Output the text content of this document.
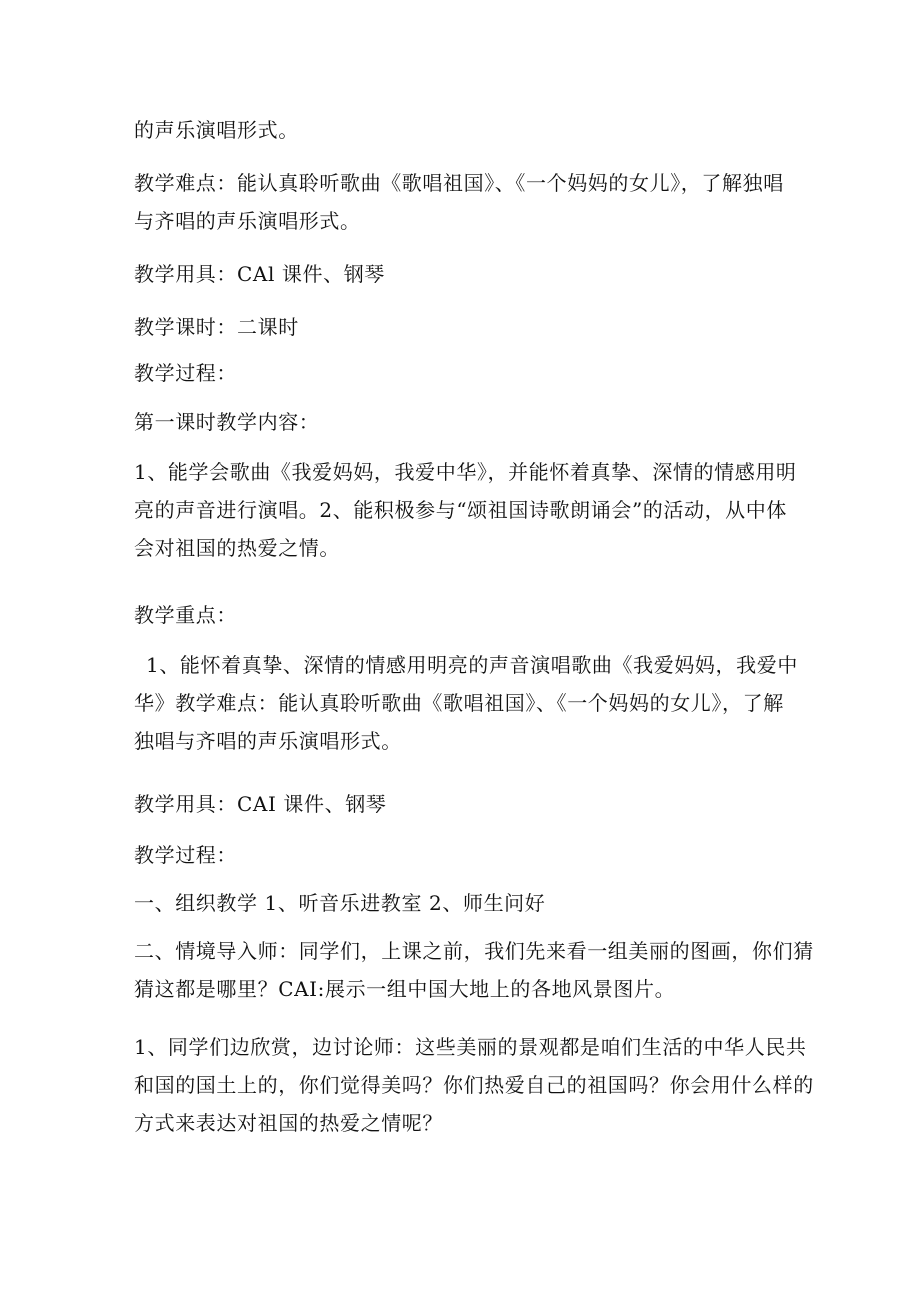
的声乐演唱形式。

教学难点：能认真聆听歌曲《歌唱祖国》、《一个妈妈的女儿》，了解独唱
与齐唱的声乐演唱形式。

教学用具：CAl 课件、钢琴

教学课时：二课时

教学过程：

第一课时教学内容：

1、能学会歌曲《我爱妈妈，我爱中华》，并能怀着真挚、深情的情感用明
亮的声音进行演唱。2、能积极参与“颂祖国诗歌朗诵会”的活动，从中体
会对祖国的热爱之情。

教学重点：

1、能怀着真挚、深情的情感用明亮的声音演唱歌曲《我爱妈妈，我爱中
华》教学难点：能认真聆听歌曲《歌唱祖国》、《一个妈妈的女儿》，了解
独唱与齐唱的声乐演唱形式。

教学用具：CAI 课件、钢琴

教学过程：

一、组织教学 1、听音乐进教室 2、师生问好

二、情境导入师：同学们，上课之前，我们先来看一组美丽的图画，你们猜
猜这都是哪里？CAI:展示一组中国大地上的各地风景图片。

1、同学们边欣赏，边讨论师：这些美丽的景观都是咱们生活的中华人民共
和国的国土上的，你们觉得美吗？你们热爱自己的祖国吗？你会用什么样的
方式来表达对祖国的热爱之情呢？
